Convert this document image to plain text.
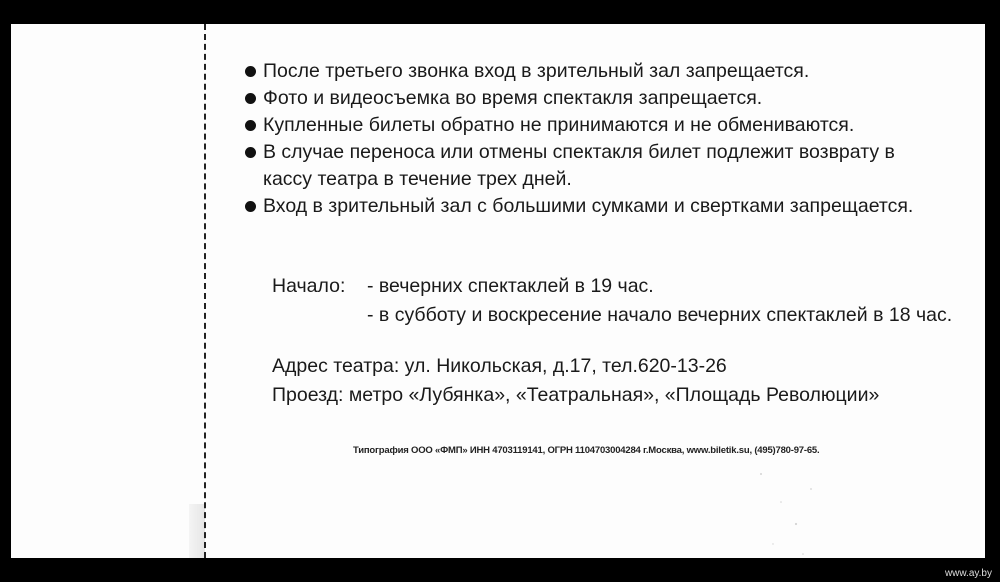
После третьего звонка вход в зрительный зал запрещается.
Фото и видеосъемка во время спектакля запрещается.
Купленные билеты обратно не принимаются и не обмениваются.
В случае переноса или отмены спектакля билет подлежит возврату в
кассу театра в течение трех дней.
Вход в зрительный зал с большими сумками и свертками запрещается.
Начало: - вечерних спектаклей в 19 час.
- в субботу и воскресение начало вечерних спектаклей в 18 час.
Адрес театра: ул. Никольская, д.17, тел.620-13-26
Проезд: метро «Лубянка», «Театральная», «Площадь Революции»
Типография ООО «ФМП» ИНН 4703119141, ОГРН 1104703004284 г.Москва, www.biletik.su, (495)780-97-65.
www.ay.by
